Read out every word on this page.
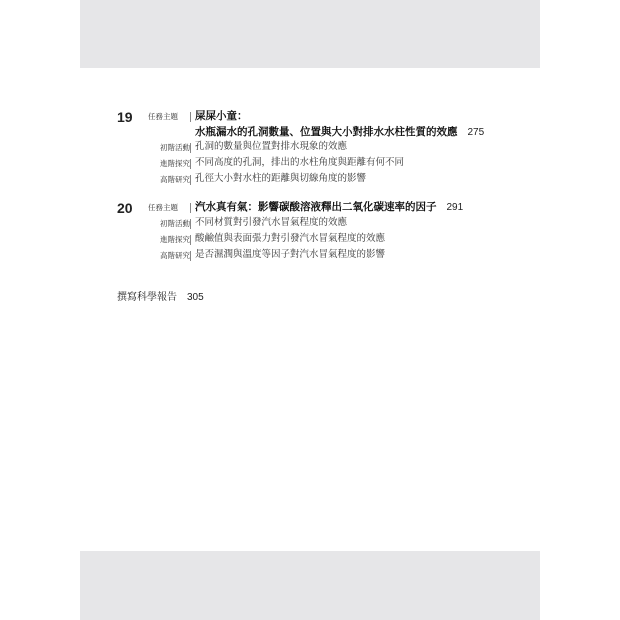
19 任務主題 屎屎小童：
水瓶漏水的孔洞數量、位置與大小對排水水柱性質的效應 275
初階活動 孔洞的數量與位置對排水現象的效應
進階探究 不同高度的孔洞，排出的水柱角度與距離有何不同
高階研究 孔徑大小對水柱的距離與切線角度的影響
20 任務主題 汽水真有氣：影響碳酸溶液釋出二氧化碳速率的因子 291
初階活動 不同材質對引發汽水冒氣程度的效應
進階探究 酸鹼值與表面張力對引發汽水冒氣程度的效應
高階研究 是否濕潤與溫度等因子對汽水冒氣程度的影響
撰寫科學報告 305
